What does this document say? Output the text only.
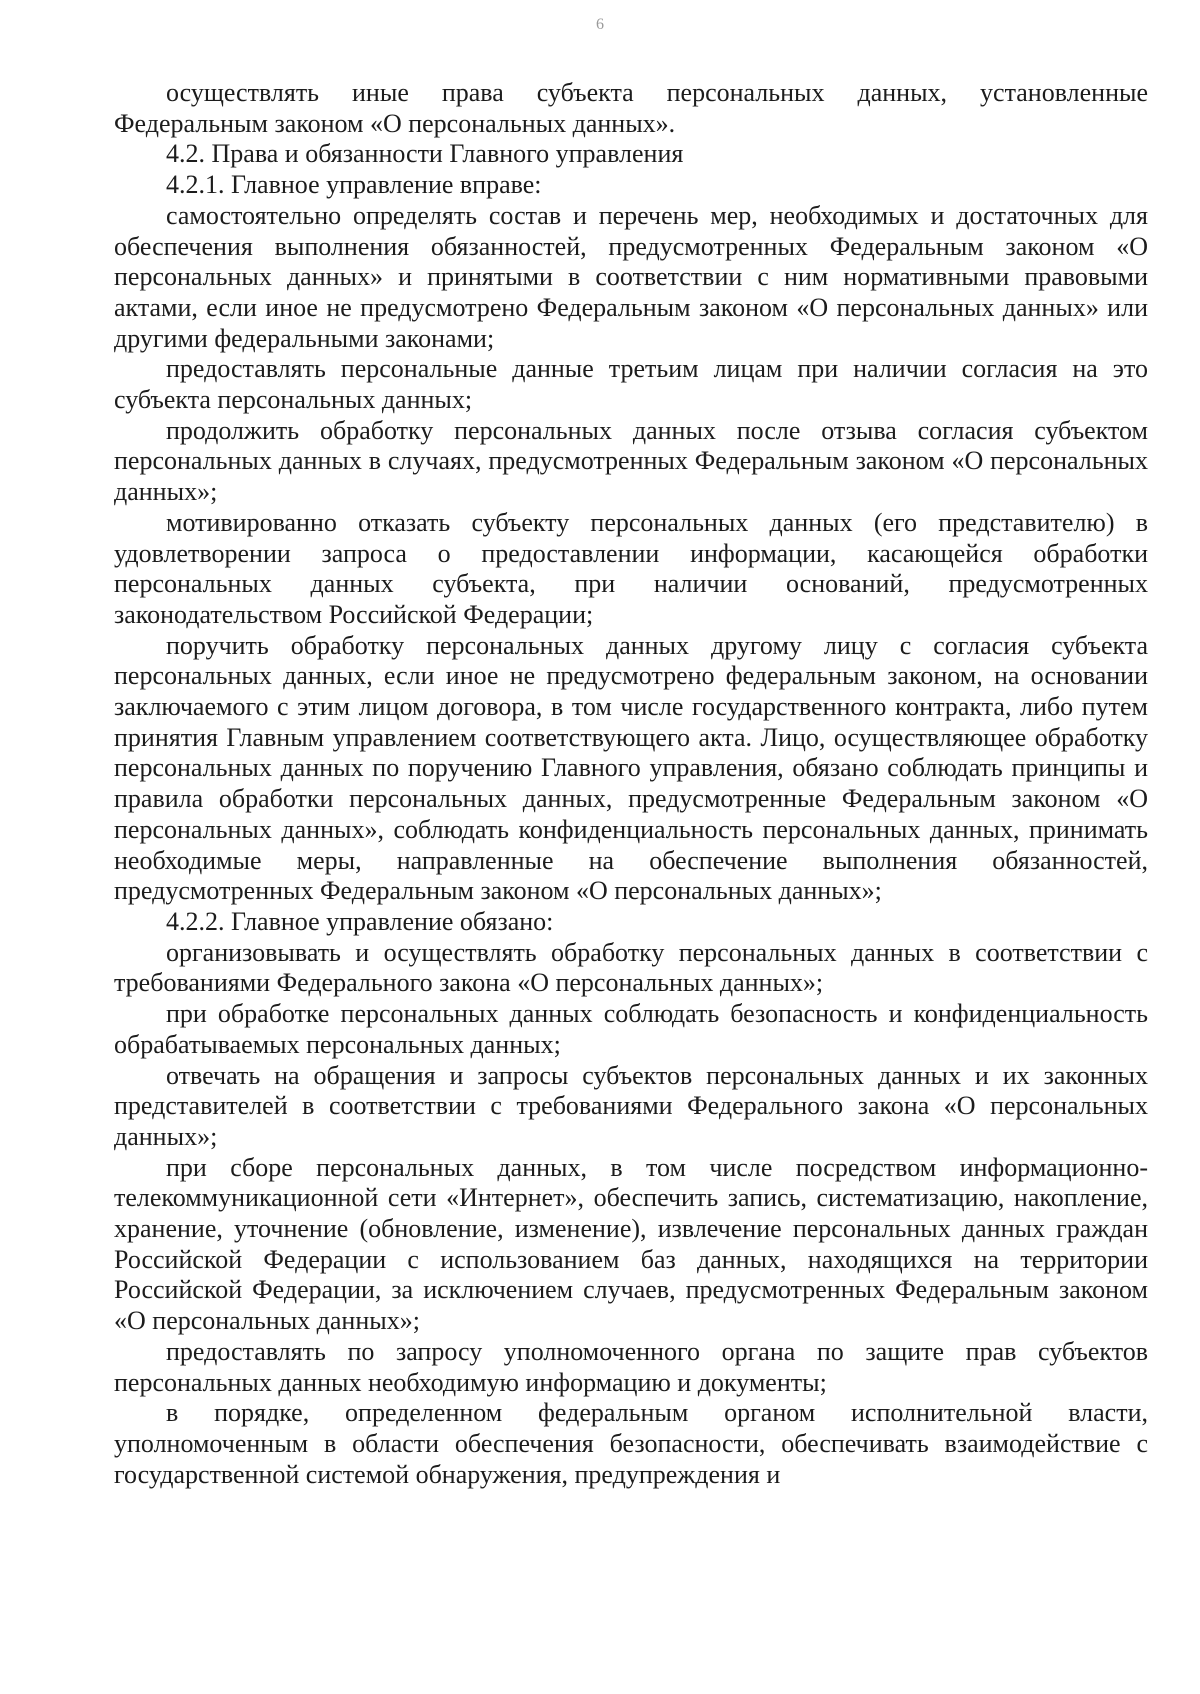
6

осуществлять иные права субъекта персональных данных, установленные Федеральным законом «О персональных данных».

4.2. Права и обязанности Главного управления

4.2.1. Главное управление вправе:

самостоятельно определять состав и перечень мер, необходимых и достаточных для обеспечения выполнения обязанностей, предусмотренных Федеральным законом «О персональных данных» и принятыми в соответствии с ним нормативными правовыми актами, если иное не предусмотрено Федеральным законом «О персональных данных» или другими федеральными законами;

предоставлять персональные данные третьим лицам при наличии согласия на это субъекта персональных данных;

продолжить обработку персональных данных после отзыва согласия субъектом персональных данных в случаях, предусмотренных Федеральным законом «О персональных данных»;

мотивированно отказать субъекту персональных данных (его представителю) в удовлетворении запроса о предоставлении информации, касающейся обработки персональных данных субъекта, при наличии оснований, предусмотренных законодательством Российской Федерации;

поручить обработку персональных данных другому лицу с согласия субъекта персональных данных, если иное не предусмотрено федеральным законом, на основании заключаемого с этим лицом договора, в том числе государственного контракта, либо путем принятия Главным управлением соответствующего акта. Лицо, осуществляющее обработку персональных данных по поручению Главного управления, обязано соблюдать принципы и правила обработки персональных данных, предусмотренные Федеральным законом «О персональных данных», соблюдать конфиденциальность персональных данных, принимать необходимые меры, направленные на обеспечение выполнения обязанностей, предусмотренных Федеральным законом «О персональных данных»;

4.2.2. Главное управление обязано:

организовывать и осуществлять обработку персональных данных в соответствии с требованиями Федерального закона «О персональных данных»;

при обработке персональных данных соблюдать безопасность и конфиденциальность обрабатываемых персональных данных;

отвечать на обращения и запросы субъектов персональных данных и их законных представителей в соответствии с требованиями Федерального закона «О персональных данных»;

при сборе персональных данных, в том числе посредством информационно-телекоммуникационной сети «Интернет», обеспечить запись, систематизацию, накопление, хранение, уточнение (обновление, изменение), извлечение персональных данных граждан Российской Федерации с использованием баз данных, находящихся на территории Российской Федерации, за исключением случаев, предусмотренных Федеральным законом «О персональных данных»;

предоставлять по запросу уполномоченного органа по защите прав субъектов персональных данных необходимую информацию и документы;

в порядке, определенном федеральным органом исполнительной власти, уполномоченным в области обеспечения безопасности, обеспечивать взаимодействие с государственной системой обнаружения, предупреждения и
